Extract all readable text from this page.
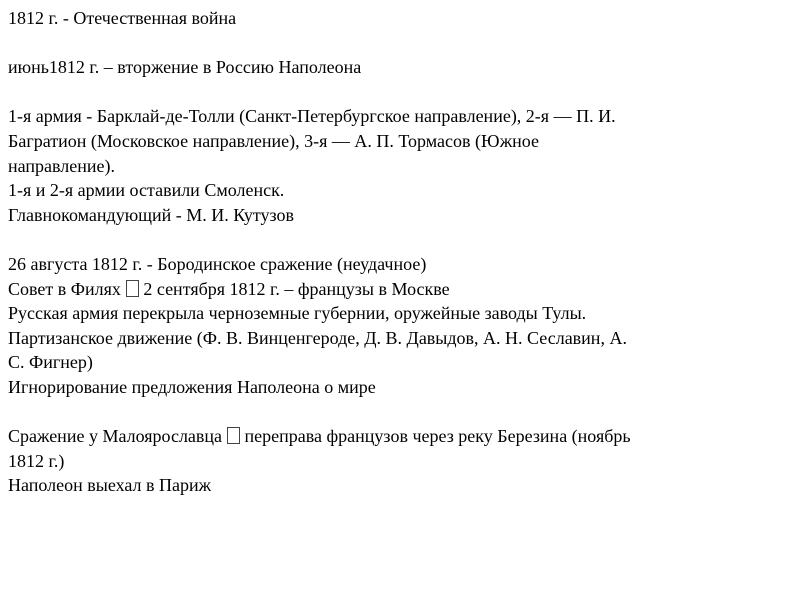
1812 г. - Отечественная война

июнь1812 г. – вторжение в Россию Наполеона

1-я армия - Барклай-де-Толли (Санкт-Петербургское направление), 2-я — П. И.

Багратион (Московское направление), 3-я — А. П. Тормасов (Южное

направление).

1-я и 2-я армии оставили Смоленск.

Главнокомандующий - М. И. Кутузов

26 августа 1812 г. - Бородинское сражение (неудачное)

Совет в Филях 2 сентября 1812 г. – французы в Москве

Русская армия перекрыла черноземные губернии, оружейные заводы Тулы.

Партизанское движение (Ф. В. Винценгероде, Д. В. Давыдов, А. Н. Сеславин, А.

С. Фигнер)

Игнорирование предложения Наполеона о мире

Сражение у Малоярославца переправа французов через реку Березина (ноябрь

1812 г.)

Наполеон выехал в Париж
